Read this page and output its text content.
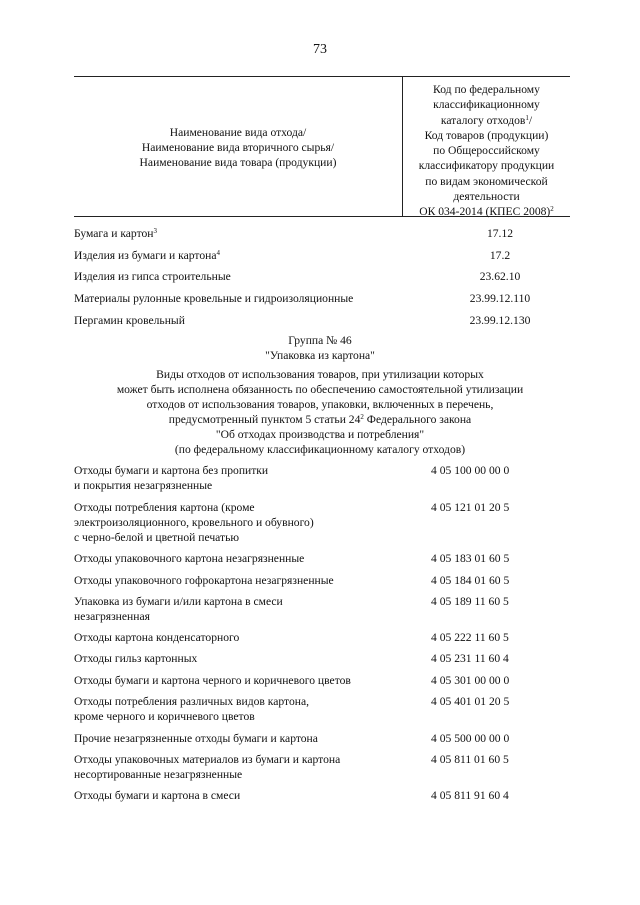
73
Наименование вида отхода/
Наименование вида вторичного сырья/
Наименование вида товара (продукции)
Код по федеральному
классификационному
каталогу отходов$^1$/
Код товаров (продукции)
по Общероссийскому
классификатору продукции
по видам экономической
деятельности
ОК 034-2014 (КПЕС 2008)$^2$
Бумага и картон$^3$	17.12
Изделия из бумаги и картона$^4$	17.2
Изделия из гипса строительные	23.62.10
Материалы рулонные кровельные и гидроизоляционные	23.99.12.110
Пергамин кровельный	23.99.12.130
Группа № 46
"Упаковка из картона"
Виды отходов от использования товаров, при утилизации которых
может быть исполнена обязанность по обеспечению самостоятельной утилизации
отходов от использования товаров, упаковки, включенных в перечень,
предусмотренный пунктом 5 статьи $24^2$ Федерального закона
"Об отходах производства и потребления"
(по федеральному классификационному каталогу отходов)
Отходы бумаги и картона без пропитки
и покрытия незагрязненные
4 05 100 00 00 0
Отходы потребления картона (кроме
электроизоляционного, кровельного и обувного)
с черно-белой и цветной печатью
4 05 121 01 20 5
Отходы упаковочного картона незагрязненные	4 05 183 01 60 5
Отходы упаковочного гофрокартона незагрязненные	4 05 184 01 60 5
Упаковка из бумаги и/или картона в смеси
незагрязненная
4 05 189 11 60 5
Отходы картона конденсаторного	4 05 222 11 60 5
Отходы гильз картонных	4 05 231 11 60 4
Отходы бумаги и картона черного и коричневого цветов	4 05 301 00 00 0
Отходы потребления различных видов картона,
кроме черного и коричневого цветов
4 05 401 01 20 5
Прочие незагрязненные отходы бумаги и картона	4 05 500 00 00 0
Отходы упаковочных материалов из бумаги и картона
несортированные незагрязненные
4 05 811 01 60 5
Отходы бумаги и картона в смеси	4 05 811 91 60 4
